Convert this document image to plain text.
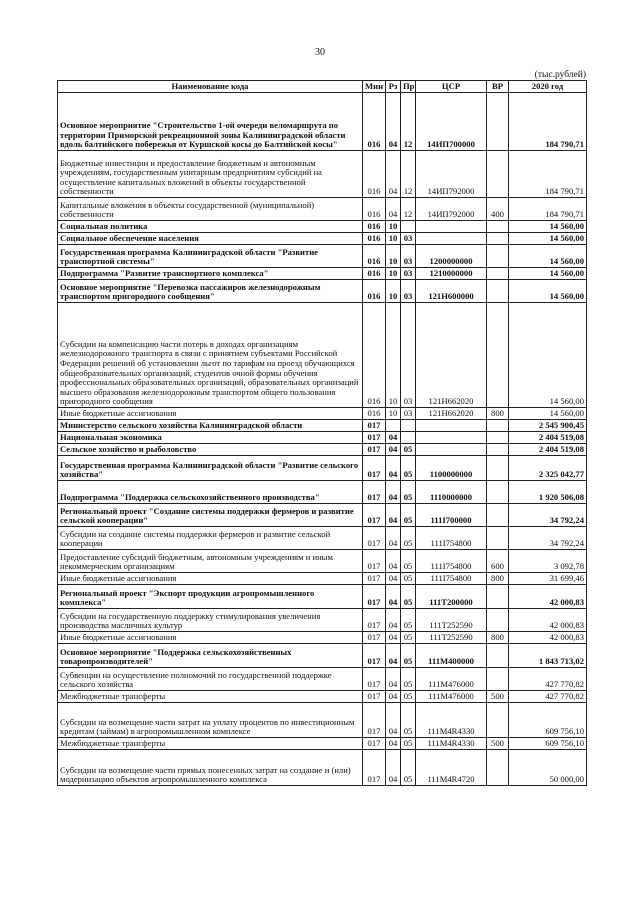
30
(тыс.рублей)
Наименование кода	Мин	Рз	Пр	ЦСР	ВР	2020 год
Основное мероприятие "Строительство 1-ой очереди веломаршрута по территории Приморской рекреационной зоны Калининградской области вдоль балтийского побережья от Куршской косы до Балтийской косы"	016	04	12	14ИП700000		184 790,71
Бюджетные инвестиции и предоставление бюджетным и автономным учреждениям, государственным унитарным предприятиям субсидий на осуществление капитальных вложений в объекты государственной собственности	016	04	12	14ИП792000		184 790,71
Капитальные вложения в объекты государственной (муниципальной) собственности	016	04	12	14ИП792000	400	184 790,71
Социальная политика	016	10				14 560,00
Социальное обеспечение населения	016	10	03			14 560,00
Государственная программа Калининградской области "Развитие транспортной системы"	016	10	03	1200000000		14 560,00
Подпрограмма "Развитие транспортного комплекса"	016	10	03	1210000000		14 560,00
Основное мероприятие "Перевозка пассажиров железнодорожным транспортом пригородного сообщения"	016	10	03	121Н600000		14 560,00
Субсидии на компенсацию части потерь в доходах организациям железнодорожного транспорта в связи с принятием субъектами Российской Федерации решений об установлении льгот по тарифам на проезд обучающихся общеобразовательных организаций, студентов очной формы обучения профессиональных образовательных организаций, образовательных организаций высшего образования железнодорожным транспортом общего пользования пригородного сообщения	016	10	03	121Н662020		14 560,00
Иные бюджетные ассигнования	016	10	03	121Н662020	800	14 560,00
Министерство сельского хозяйства Калининградской области	017					2 545 900,45
Национальная экономика	017	04				2 404 519,08
Сельское хозяйство и рыболовство	017	04	05			2 404 519,08
Государственная программа Калининградской области "Развитие сельского хозяйства"	017	04	05	1100000000		2 325 042,77
Подпрограмма "Поддержка сельскохозяйственного производства"	017	04	05	1110000000		1 920 506,08
Региональный проект "Создание системы поддержки фермеров и развитие сельской кооперации"	017	04	05	111I700000		34 792,24
Субсидии на создание системы поддержки фермеров и развитие сельской кооперации	017	04	05	111I754800		34 792,24
Предоставление субсидий бюджетным, автономным учреждениям и иным некоммерческим организациям	017	04	05	111I754800	600	3 092,78
Иные бюджетные ассигнования	017	04	05	111I754800	800	31 699,46
Региональный проект "Экспорт продукции агропромышленного комплекса"	017	04	05	111T200000		42 000,83
Субсидии на государственную поддержку стимулирования увеличения производства масличных культур	017	04	05	111T252590		42 000,83
Иные бюджетные ассигнования	017	04	05	111T252590	800	42 000,83
Основное мероприятие "Поддержка сельскохозяйственных товаропроизводителей"	017	04	05	111M400000		1 843 713,02
Субвенции на осуществление полномочий по государственной поддержке сельского хозяйства	017	04	05	111M476000		427 770,82
Межбюджетные трансферты	017	04	05	111M476000	500	427 770,82
Субсидии на возмещение части затрат на уплату процентов по инвестиционным кредитам (займам) в агропромышленном комплексе	017	04	05	111M4R4330		609 756,10
Межбюджетные трансферты	017	04	05	111M4R4330	500	609 756,10
Субсидии на возмещение части прямых понесенных затрат на создание и (или) модернизацию объектов агропромышленного комплекса	017	04	05	111M4R4720		50 000,00
